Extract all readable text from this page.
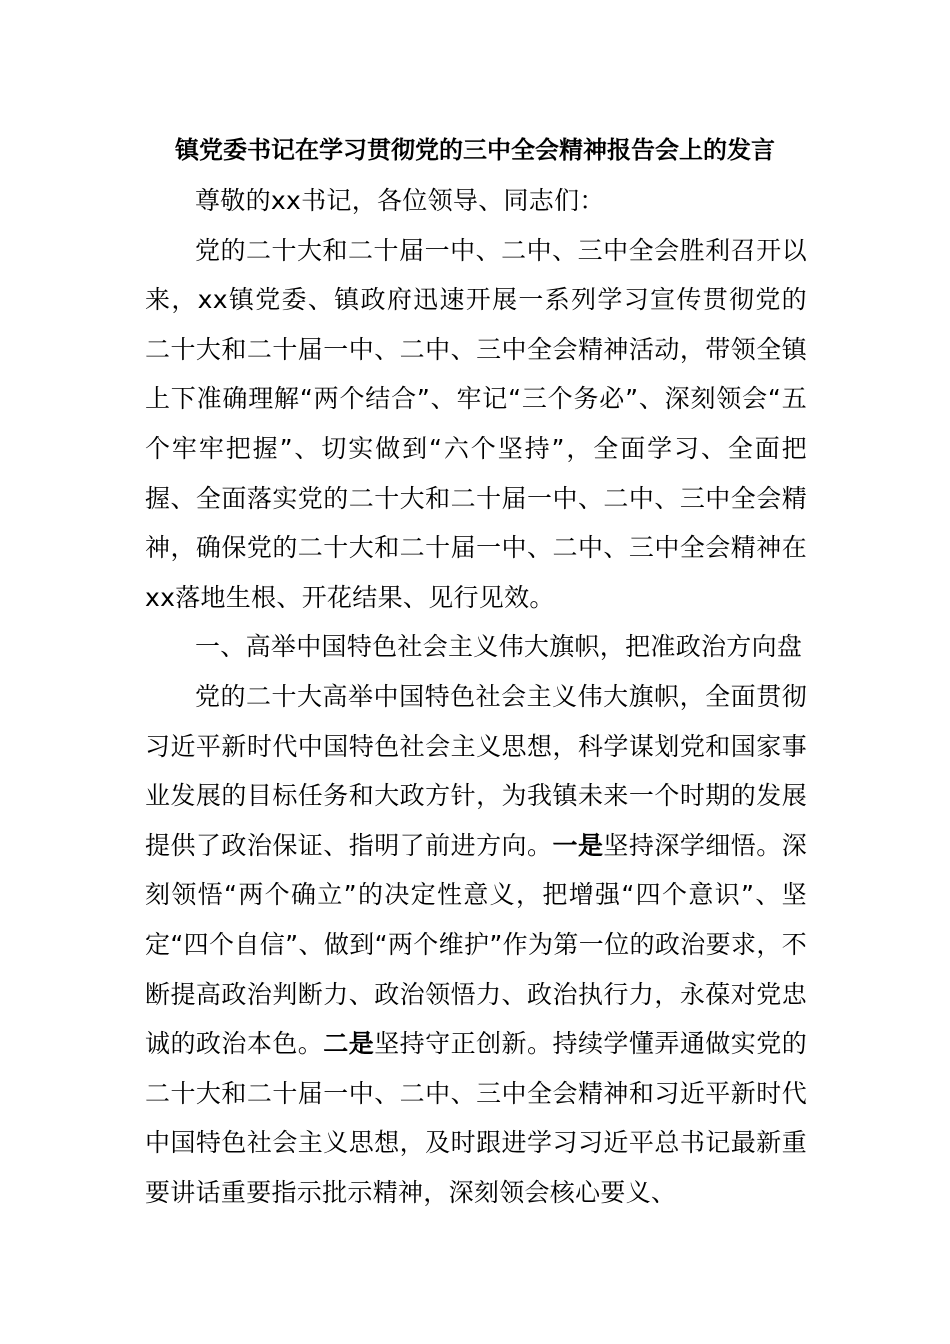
镇党委书记在学习贯彻党的三中全会精神报告会上的发言

尊敬的xx书记，各位领导、同志们：

党的二十大和二十届一中、二中、三中全会胜利召开以来，xx镇党委、镇政府迅速开展一系列学习宣传贯彻党的二十大和二十届一中、二中、三中全会精神活动，带领全镇上下准确理解“两个结合”、牢记“三个务必”、深刻领会“五个牢牢把握”、切实做到“六个坚持”，全面学习、全面把握、全面落实党的二十大和二十届一中、二中、三中全会精神，确保党的二十大和二十届一中、二中、三中全会精神在xx落地生根、开花结果、见行见效。

一、高举中国特色社会主义伟大旗帜，把准政治方向盘

党的二十大高举中国特色社会主义伟大旗帜，全面贯彻习近平新时代中国特色社会主义思想，科学谋划党和国家事业发展的目标任务和大政方针，为我镇未来一个时期的发展提供了政治保证、指明了前进方向。一是坚持深学细悟。深刻领悟“两个确立”的决定性意义，把增强“四个意识”、坚定“四个自信”、做到“两个维护”作为第一位的政治要求，不断提高政治判断力、政治领悟力、政治执行力，永葆对党忠诚的政治本色。二是坚持守正创新。持续学懂弄通做实党的二十大和二十届一中、二中、三中全会精神和习近平新时代中国特色社会主义思想，及时跟进学习习近平总书记最新重要讲话重要指示批示精神，深刻领会核心要义、
